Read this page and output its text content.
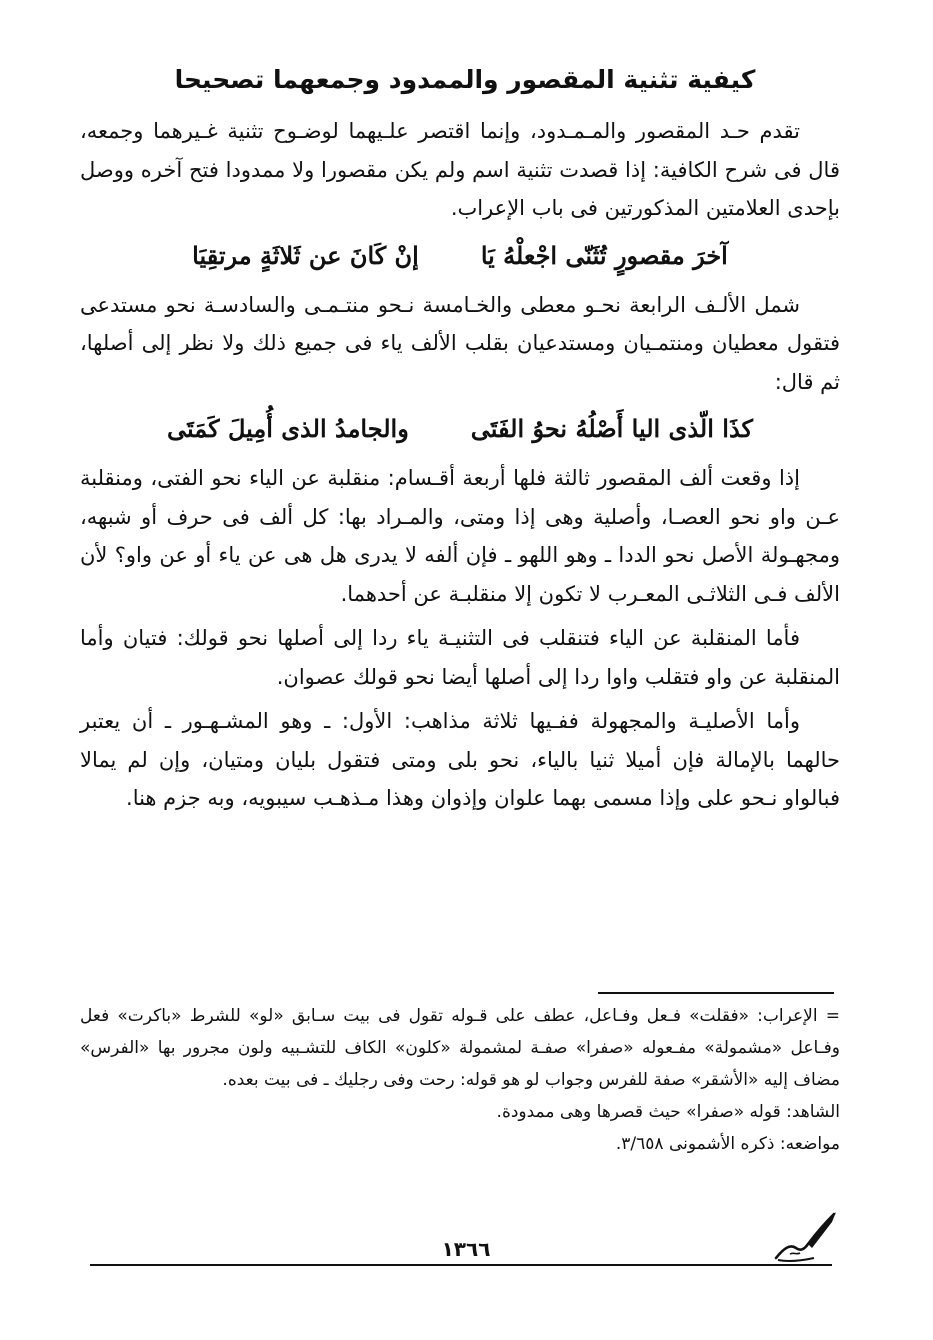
كيفية تثنية المقصور والممدود وجمعهما تصحيحا

تقدم حـد المقصور والمـمـدود، وإنما اقتصر علـيهما لوضـوح تثنية غـيرهما وجمعه، قال فى شرح الكافية: إذا قصدت تثنية اسم ولم يكن مقصورا ولا ممدودا فتح آخره ووصل بإحدى العلامتين المذكورتين فى باب الإعراب.

آخرَ مقصورٍ تُثَنّى اجْعلْهُ يَا
إنْ كَانَ عن ثَلاثَةٍ مرتقِيَا

شمل الألـف الرابعة نحـو معطى والخـامسة نـحو منتـمـى والسادسـة نحو مستدعى فتقول معطيان ومنتمـيان ومستدعيان بقلب الألف ياء فى جميع ذلك ولا نظر إلى أصلها، ثم قال:

كذَا الّذى اليا أَصْلُهُ نحوُ الفَتَى
والجامدُ الذى أُمِيلَ كَمَتَى

إذا وقعت ألف المقصور ثالثة فلها أربعة أقـسام: منقلبة عن الياء نحو الفتى، ومنقلبة عـن واو نحو العصـا، وأصلية وهى إذا ومتى، والمـراد بها: كل ألف فى حرف أو شبهه، ومجهـولة الأصل نحو الددا ـ وهو اللهو ـ فإن ألفه لا يدرى هل هى عن ياء أو عن واو؟ لأن الألف فـى الثلاثـى المعـرب لا تكون إلا منقلبـة عن أحدهما.

فأما المنقلبة عن الياء فتنقلب فى التثنيـة ياء ردا إلى أصلها نحو قولك: فتيان وأما المنقلبة عن واو فتقلب واوا ردا إلى أصلها أيضا نحو قولك عصوان.

وأما الأصليـة والمجهولة ففـيها ثلاثة مذاهب: الأول: ـ وهو المشـهـور ـ أن يعتبر حالهما بالإمالة فإن أميلا ثنيا بالياء، نحو بلى ومتى فتقول بليان ومتيان، وإن لم يمالا فبالواو نـحو على وإذا مسمى بهما علوان وإذوان وهذا مـذهـب سيبويه، وبه جزم هنا.

= الإعراب: «فقلت» فـعل وفـاعل، عطف على قـوله تقول فى بيت سـابق «لو» للشرط «باكرت» فعل وفـاعل «مشمولة» مفـعوله «صفرا» صفـة لمشمولة «كلون» الكاف للتشـبيه ولون مجرور بها «الفرس» مضاف إليه «الأشقر» صفة للفرس وجواب لو هو قوله: رحت وفى رجليك ـ فى بيت بعده.

الشاهد: قوله «صفرا» حيث قصرها وهى ممدودة.

مواضعه: ذكره الأشمونى ٣/٦٥٨.

١٣٦٦
